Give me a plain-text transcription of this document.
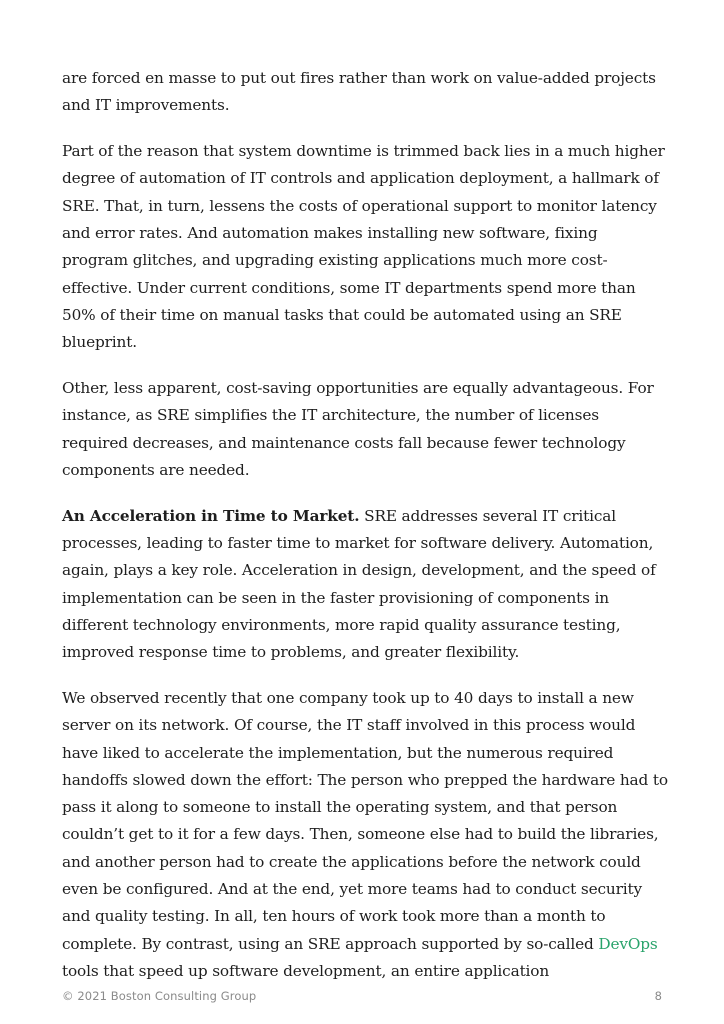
are forced en masse to put out fires rather than work on value-added projects and IT improvements.

Part of the reason that system downtime is trimmed back lies in a much higher degree of automation of IT controls and application deployment, a hallmark of SRE. That, in turn, lessens the costs of operational support to monitor latency and error rates. And automation makes installing new software, fixing program glitches, and upgrading existing applications much more cost-effective. Under current conditions, some IT departments spend more than 50% of their time on manual tasks that could be automated using an SRE blueprint.

Other, less apparent, cost-saving opportunities are equally advantageous. For instance, as SRE simplifies the IT architecture, the number of licenses required decreases, and maintenance costs fall because fewer technology components are needed.

An Acceleration in Time to Market. SRE addresses several IT critical processes, leading to faster time to market for software delivery. Automation, again, plays a key role. Acceleration in design, development, and the speed of implementation can be seen in the faster provisioning of components in different technology environments, more rapid quality assurance testing, improved response time to problems, and greater flexibility.

We observed recently that one company took up to 40 days to install a new server on its network. Of course, the IT staff involved in this process would have liked to accelerate the implementation, but the numerous required handoffs slowed down the effort: The person who prepped the hardware had to pass it along to someone to install the operating system, and that person couldn’t get to it for a few days. Then, someone else had to build the libraries, and another person had to create the applications before the network could even be configured. And at the end, yet more teams had to conduct security and quality testing. In all, ten hours of work took more than a month to complete. By contrast, using an SRE approach supported by so-called DevOps tools that speed up software development, an entire application

© 2021 Boston Consulting Group	8
